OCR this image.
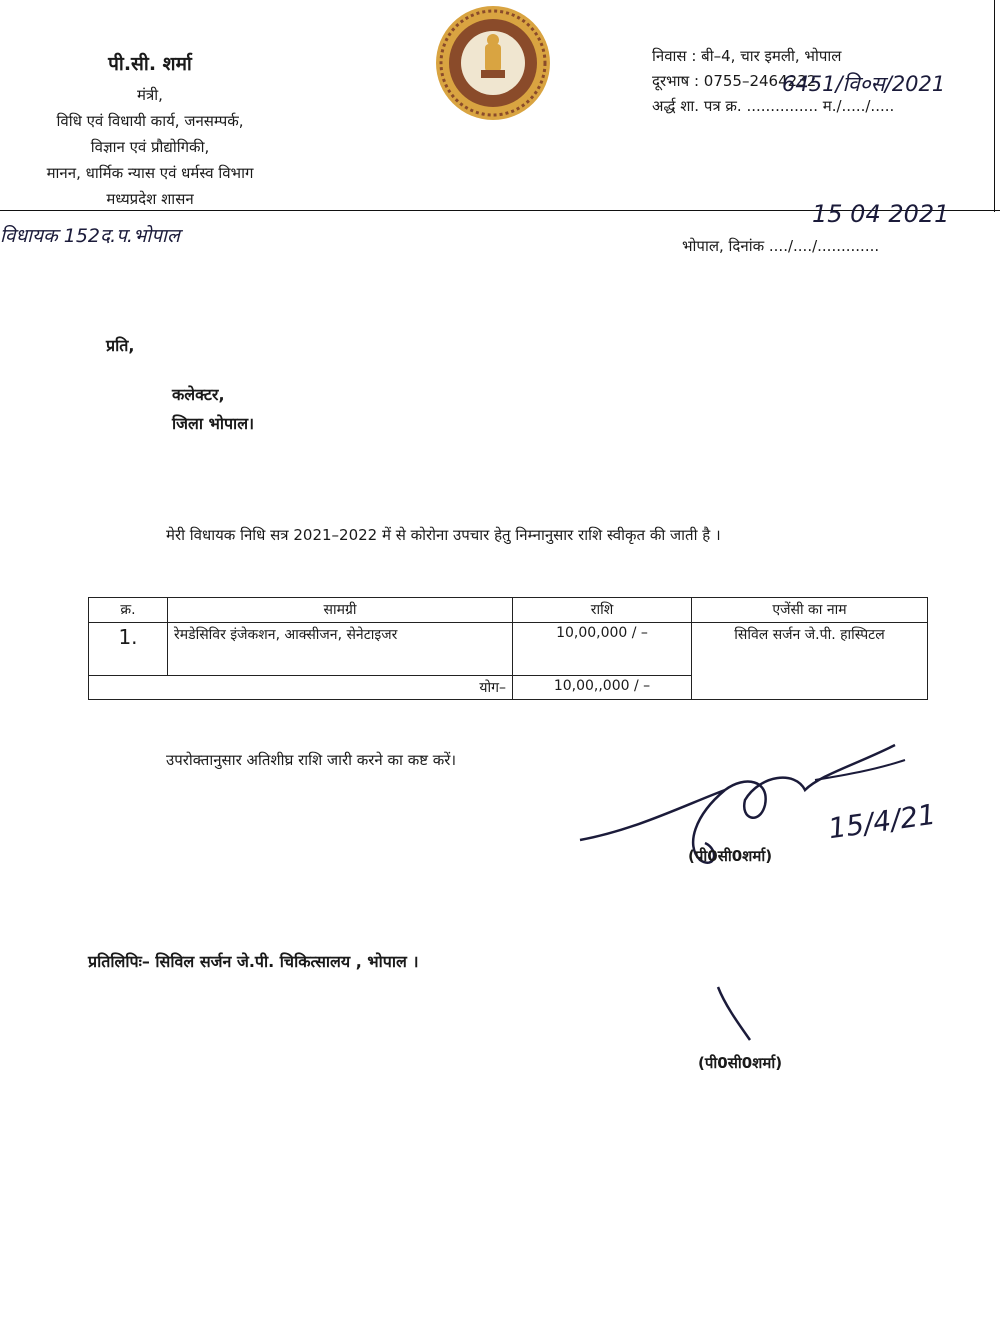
पी.सी. शर्मा
मंत्री,
विधि एवं विधायी कार्य, जनसम्पर्क,
विज्ञान एवं प्रौद्योगिकी,
मानन, धार्मिक न्यास एवं धर्मस्व विभाग
मध्यप्रदेश शासन
निवास : बी–4, चार इमली, भोपाल
दूरभाष : 0755–2464232
अर्द्ध शा. पत्र क्र. ............... म./...../.....
6451/वि०स/2021
विधायक 152द.प.भोपाल	भोपाल, दिनांक ..../..../.............
15 04 2021
प्रति,
कलेक्टर,
जिला भोपाल।
मेरी विधायक निधि सत्र 2021–2022 में से कोरोना उपचार हेतु निम्नानुसार राशि स्वीकृत की जाती है ।
क्र.	सामग्री	राशि	एजेंसी का नाम
1.	रेमडेसिविर इंजेकशन, आक्सीजन, सेनेटाइजर	10,00,000 / –	सिविल सर्जन जे.पी. हास्पिटल
योग–		10,00,,000 / –	
उपरोक्तानुसार अतिशीघ्र राशि जारी करने का कष्ट करें।
(पी0सी0शर्मा)
15/4/21
प्रतिलिपिः– सिविल सर्जन जे.पी. चिकित्सालय , भोपाल ।
(पी0सी0शर्मा)
